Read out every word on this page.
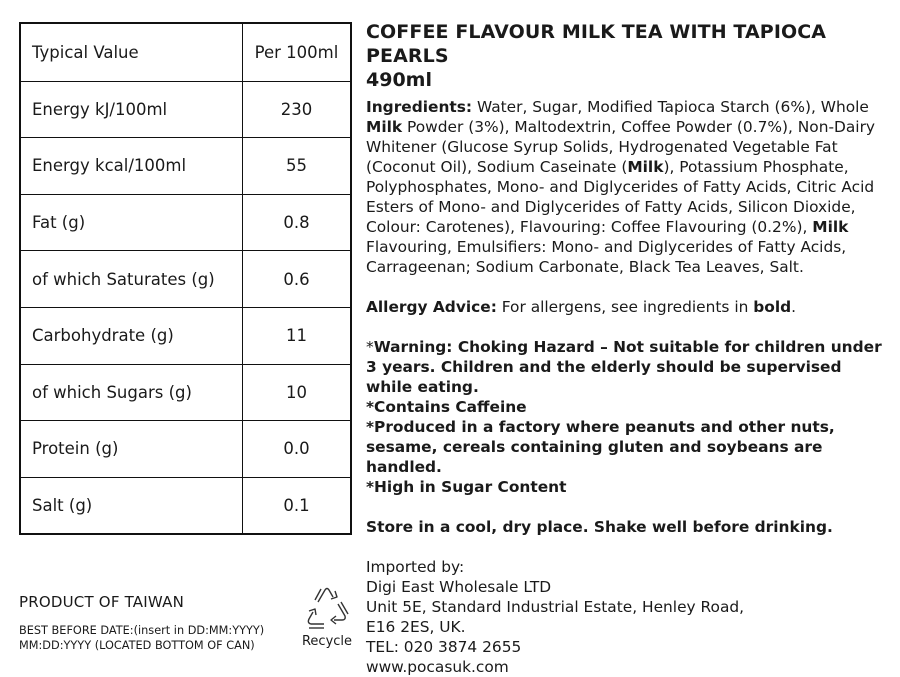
Typical Value	Per 100ml
Energy kJ/100ml	230
Energy kcal/100ml	55
Fat (g)	0.8
of which Saturates (g)	0.6
Carbohydrate (g)	11
of which Sugars (g)	10
Protein (g)	0.0
Salt (g)	0.1

COFFEE FLAVOUR MILK TEA WITH TAPIOCA PEARLS

490ml

Ingredients: Water, Sugar, Modified Tapioca Starch (6%), Whole Milk Powder (3%), Maltodextrin, Coffee Powder (0.7%), Non-Dairy Whitener (Glucose Syrup Solids, Hydrogenated Vegetable Fat (Coconut Oil), Sodium Caseinate (Milk), Potassium Phosphate, Polyphosphates, Mono- and Diglycerides of Fatty Acids, Citric Acid Esters of Mono- and Diglycerides of Fatty Acids, Silicon Dioxide, Colour: Carotenes), Flavouring: Coffee Flavouring (0.2%), Milk Flavouring, Emulsifiers: Mono- and Diglycerides of Fatty Acids, Carrageenan; Sodium Carbonate, Black Tea Leaves, Salt.

Allergy Advice: For allergens, see ingredients in bold.

*Warning: Choking Hazard – Not suitable for children under 3 years. Children and the elderly should be supervised while eating.

*Contains Caffeine

*Produced in a factory where peanuts and other nuts, sesame, cereals containing gluten and soybeans are handled.

*High in Sugar Content

Store in a cool, dry place. Shake well before drinking.

Imported by:

Digi East Wholesale LTD

Unit 5E, Standard Industrial Estate, Henley Road,

E16 2ES, UK.

TEL: 020 3874 2655

www.pocasuk.com

PRODUCT OF TAIWAN
BEST BEFORE DATE:(insert in DD:MM:YYYY)
MM:DD:YYYY (LOCATED BOTTOM OF CAN)	Recycle
